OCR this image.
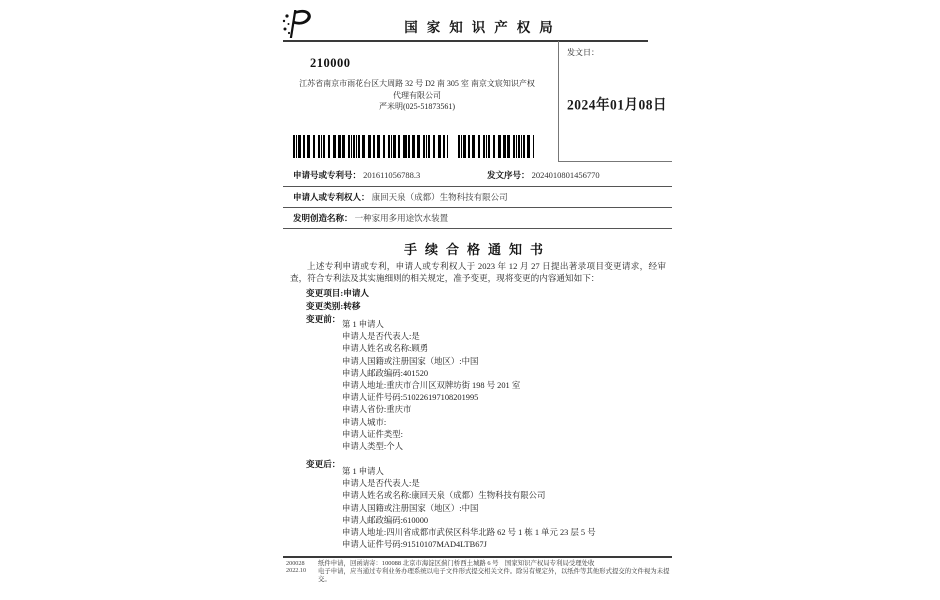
国家知识产权局
210000
江苏省南京市雨花台区大周路 32 号 D2 南 305 室 南京文宸知识产权
代理有限公司
严米明(025-51873561)
发文日：
2024年01月08日
申请号或专利号： 201611056788.3	发文序号： 2024010801456770
申请人或专利权人： 康回天泉（成都）生物科技有限公司
发明创造名称： 一种家用多用途饮水装置
手续合格通知书
上述专利申请或专利，申请人或专利权人于 2023 年 12 月 27 日提出著录项目变更请求，经审查，符合专利法及其实施细则的相关规定，准予变更，现将变更的内容通知如下：
变更项目:申请人
变更类别:转移
变更前：
第 1 申请人
申请人是否代表人:是
申请人姓名或名称:顾勇
申请人国籍或注册国家（地区）:中国
申请人邮政编码:401520
申请人地址:重庆市合川区双牌坊街 198 号 201 室
申请人证件号码:510226197108201995
申请人省份:重庆市
申请人城市:
申请人证件类型:
申请人类型:个人
变更后：
第 1 申请人
申请人是否代表人:是
申请人姓名或名称:康回天泉（成都）生物科技有限公司
申请人国籍或注册国家（地区）:中国
申请人邮政编码:610000
申请人地址:四川省成都市武侯区科华北路 62 号 1 栋 1 单元 23 层 5 号
申请人证件号码:91510107MAD4LTB67J
200028
2022.10
纸件申请，回函请寄：100088 北京市海淀区蓟门桥西土城路 6 号　国家知识产权局专利局受理处收
电子申请，应当通过专利业务办理系统以电子文件形式提交相关文件。除另有规定外，以纸件等其他形式提交的文件视为未提交。
